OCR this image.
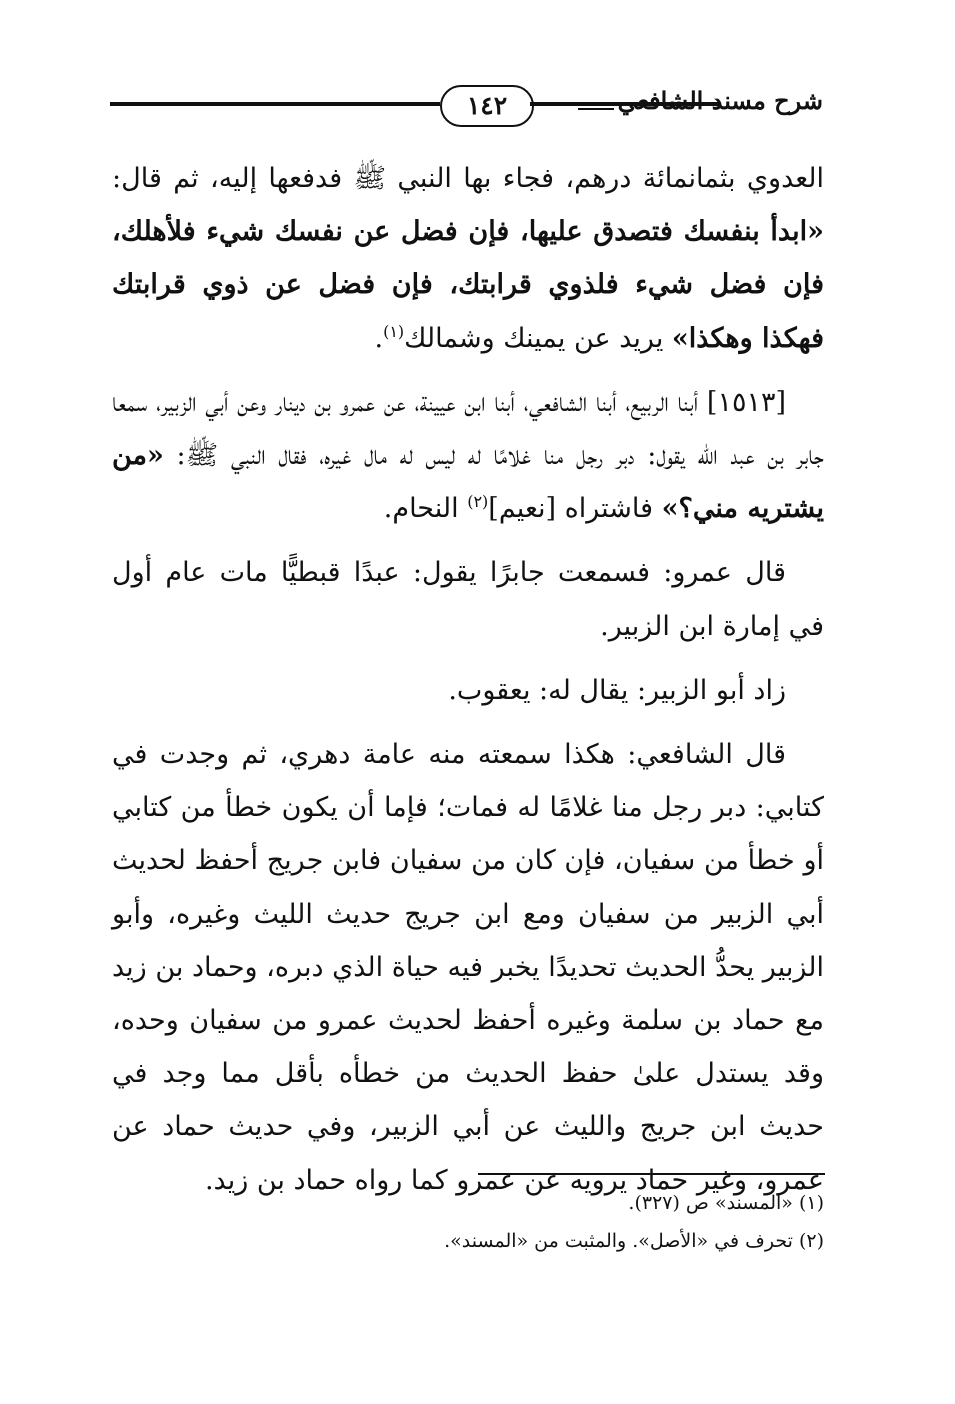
١٤٢	شرح مسند الشافعي

العدوي بثمانمائة درهم، فجاء بها النبي ﷺ فدفعها إليه، ثم قال: «ابدأ بنفسك فتصدق عليها، فإن فضل عن نفسك شيء فلأهلك، فإن فضل شيء فلذوي قرابتك، فإن فضل عن ذوي قرابتك فهكذا وهكذا» يريد عن يمينك وشمالك$^{(١)}$.

[١٥١٣] أبنا الربيع، أبنا الشافعي، أبنا ابن عيينة، عن عمرو بن دينار وعن أبي الزبير، سمعا جابر بن عبد الله يقول: دبر رجل منا غلامًا له ليس له مال غيره، فقال النبي ﷺ: «من يشتريه مني؟» فاشتراه [نعيم]$^{(٢)}$ النحام.

قال عمرو: فسمعت جابرًا يقول: عبدًا قبطيًّا مات عام أول في إمارة ابن الزبير.

زاد أبو الزبير: يقال له: يعقوب.

قال الشافعي: هكذا سمعته منه عامة دهري، ثم وجدت في كتابي: دبر رجل منا غلامًا له فمات؛ فإما أن يكون خطأ من كتابي أو خطأ من سفيان، فإن كان من سفيان فابن جريج أحفظ لحديث أبي الزبير من سفيان ومع ابن جريج حديث الليث وغيره، وأبو الزبير يحدُّ الحديث تحديدًا يخبر فيه حياة الذي دبره، وحماد بن زيد مع حماد بن سلمة وغيره أحفظ لحديث عمرو من سفيان وحده، وقد يستدل علىٰ حفظ الحديث من خطأه بأقل مما وجد في حديث ابن جريج والليث عن أبي الزبير، وفي حديث حماد عن عمرو، وغير حماد يرويه عن عمرو كما رواه حماد بن زيد.

(١) «المسند» ص (٣٢٧).

(٢) تحرف في «الأصل». والمثبت من «المسند».
